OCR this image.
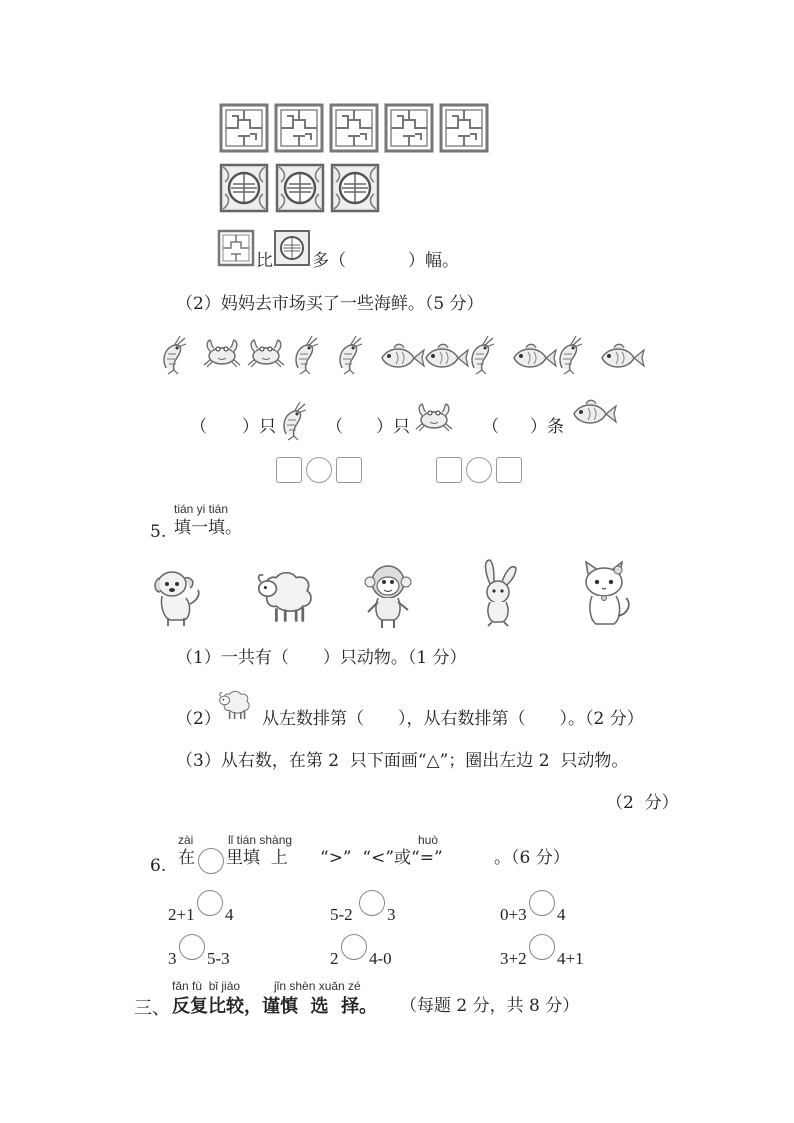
比 多（	）幅。
（2）妈妈去市场买了一些海鲜。（5 分）
（ ）只	（ ）只	（ ）条
tián yi tián
5. 填一填。
（1）一共有（　　）只动物。（1 分）
（2） 从左数排第（　　），从右数排第（　　）。（2 分）
（3）从右数，在第 2  只下面画“△”；圈出左边 2  只动物。
（2  分）
zài	lǐ tián shàng	huò
6. 在 里填  上 “>”  “<”或“=”	。（6 分）
2+1 4	5-2 3	0+3 4
3 5-3	2 4-0	3+2 4+1
fǎn fù  bǐ jiào	jǐn shèn xuǎn zé
三、 反复比较，谨慎  选  择。 （每题 2 分，共 8 分）
